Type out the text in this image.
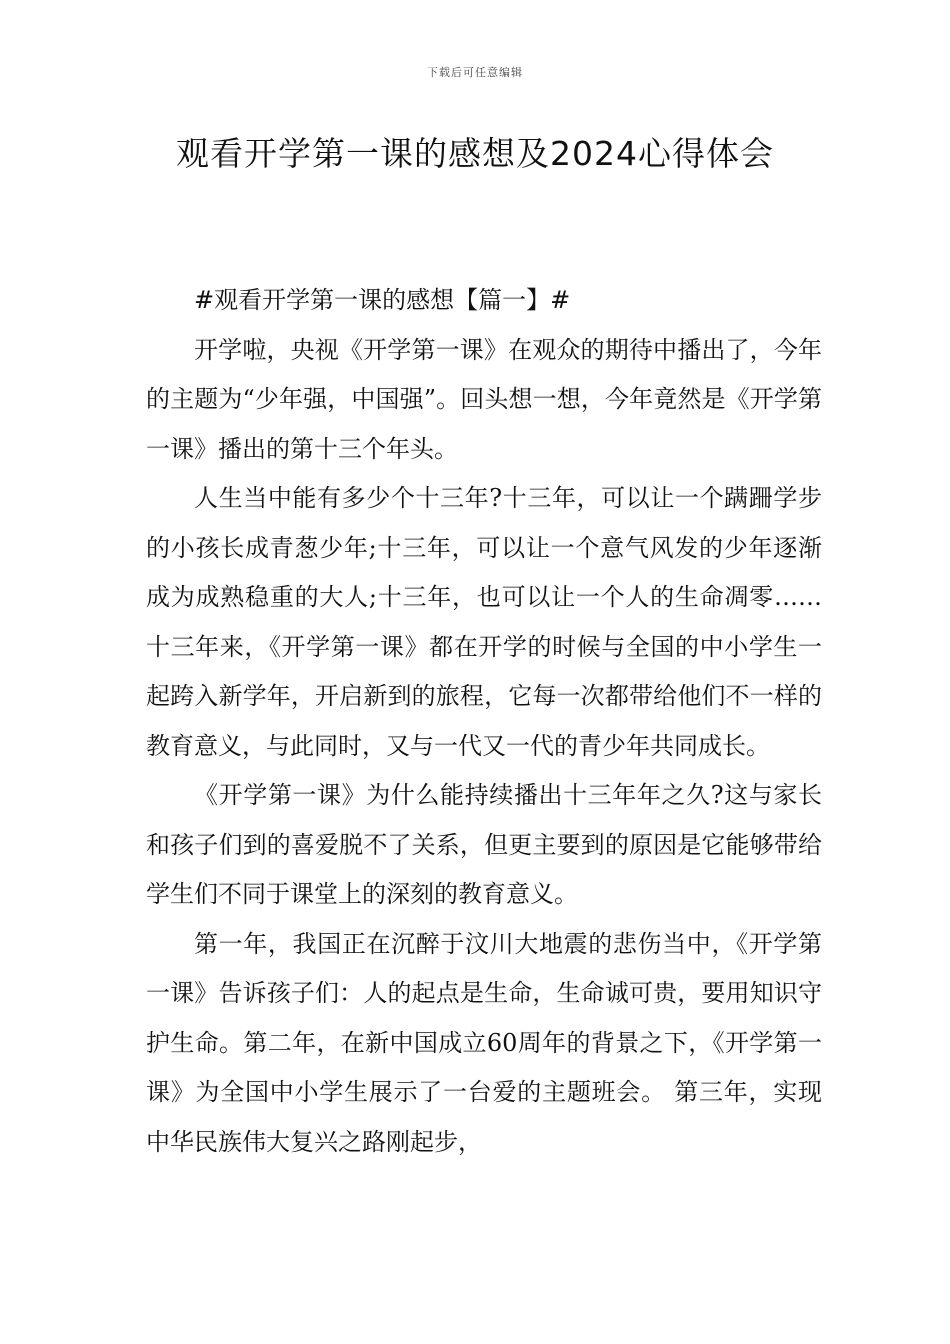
下载后可任意编辑
观看开学第一课的感想及2024心得体会

#观看开学第一课的感想【篇一】#

开学啦，央视《开学第一课》在观众的期待中播出了，今年的主题为“少年强，中国强”。回头想一想，今年竟然是《开学第一课》播出的第十三个年头。

人生当中能有多少个十三年?十三年，可以让一个蹒跚学步的小孩长成青葱少年;十三年，可以让一个意气风发的少年逐渐成为成熟稳重的大人;十三年，也可以让一个人的生命凋零……十三年来，《开学第一课》都在开学的时候与全国的中小学生一起跨入新学年，开启新到的旅程，它每一次都带给他们不一样的教育意义，与此同时，又与一代又一代的青少年共同成长。

《开学第一课》为什么能持续播出十三年年之久?这与家长和孩子们到的喜爱脱不了关系，但更主要到的原因是它能够带给学生们不同于课堂上的深刻的教育意义。

第一年，我国正在沉醉于汶川大地震的悲伤当中，《开学第一课》告诉孩子们：人的起点是生命，生命诚可贵，要用知识守护生命。第二年，在新中国成立60周年的背景之下，《开学第一课》为全国中小学生展示了一台爱的主题班会。 第三年，实现中华民族伟大复兴之路刚起步，
